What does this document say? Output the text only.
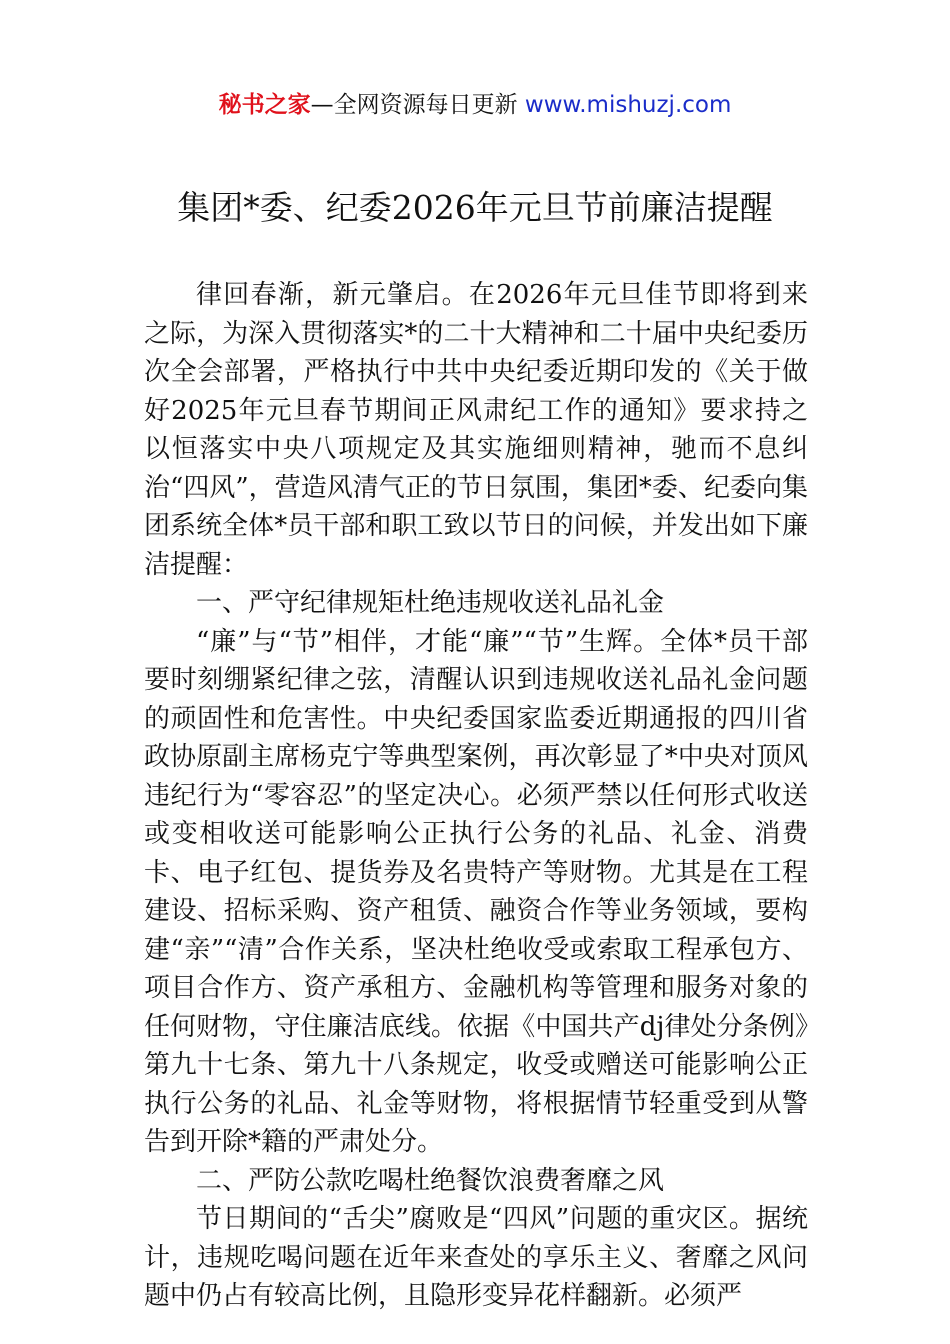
秘书之家—全网资源每日更新 www.mishuzj.com
集团*委、纪委2026年元旦节前廉洁提醒

律回春渐，新元肇启。在2026年元旦佳节即将到来之际，为深入贯彻落实*的二十大精神和二十届中央纪委历次全会部署，严格执行中共中央纪委近期印发的《关于做好2025年元旦春节期间正风肃纪工作的通知》要求持之以恒落实中央八项规定及其实施细则精神，驰而不息纠治“四风”，营造风清气正的节日氛围，集团*委、纪委向集团系统全体*员干部和职工致以节日的问候，并发出如下廉洁提醒：

一、严守纪律规矩杜绝违规收送礼品礼金

“廉”与“节”相伴，才能“廉”“节”生辉。全体*员干部要时刻绷紧纪律之弦，清醒认识到违规收送礼品礼金问题的顽固性和危害性。中央纪委国家监委近期通报的四川省政协原副主席杨克宁等典型案例，再次彰显了*中央对顶风违纪行为“零容忍”的坚定决心。必须严禁以任何形式收送或变相收送可能影响公正执行公务的礼品、礼金、消费卡、电子红包、提货券及名贵特产等财物。尤其是在工程建设、招标采购、资产租赁、融资合作等业务领域，要构建“亲”“清”合作关系，坚决杜绝收受或索取工程承包方、项目合作方、资产承租方、金融机构等管理和服务对象的任何财物，守住廉洁底线。依据《中国共产dj律处分条例》第九十七条、第九十八条规定，收受或赠送可能影响公正执行公务的礼品、礼金等财物，将根据情节轻重受到从警告到开除*籍的严肃处分。

二、严防公款吃喝杜绝餐饮浪费奢靡之风

节日期间的“舌尖”腐败是“四风”问题的重灾区。据统计，违规吃喝问题在近年来查处的享乐主义、奢靡之风问题中仍占有较高比例，且隐形变异花样翻新。必须严
